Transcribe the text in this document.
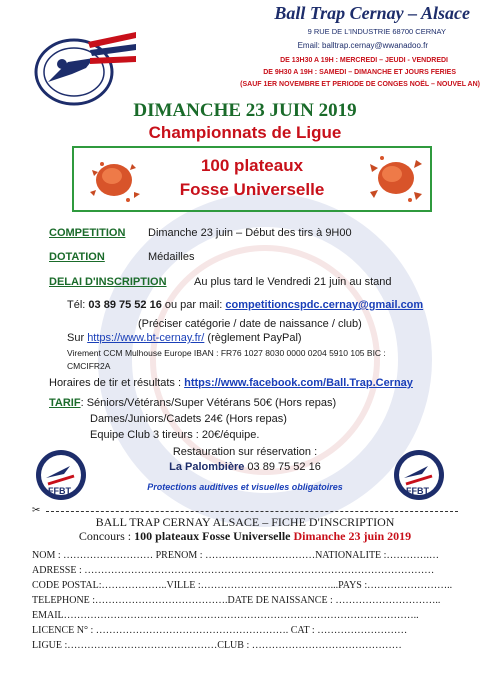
Ball Trap Cernay – Alsace
9 RUE DE L'INDUSTRIE 68700 CERNAY
Email: balltrap.cernay@wwanadoo.fr
DE 13H30 A 19H : MERCREDI – JEUDI - VENDREDI
DE 9H30 A 19H : SAMEDI – DIMANCHE ET JOURS FERIES
(SAUF 1ER NOVEMBRE ET PERIODE DE CONGES NOËL – NOUVEL AN)
DIMANCHE 23 JUIN 2019
Championnats de Ligue
100 plateaux
Fosse Universelle
COMPETITION Dimanche 23 juin – Début des tirs à 9H00
DOTATION	Médailles
DELAI D'INSCRIPTION Au plus tard le Vendredi 21 juin au stand
Tél: 03 89 75 52 16 ou par mail: competitioncspdc.cernay@gmail.com
(Préciser catégorie / date de naissance / club)
Sur https://www.bt-cernay.fr/ (règlement PayPal)
Virement CCM Mulhouse Europe IBAN : FR76 1027 8030 0000 0204 5910 105 BIC :
CMCIFR2A
Horaires de tir et résultats : https://www.facebook.com/Ball.Trap.Cernay
TARIF: Séniors/Vétérans/Super Vétérans 50€ (Hors repas)
Dames/Juniors/Cadets 24€ (Hors repas)
Equipe Club 3 tireurs : 20€/équipe.
Restauration sur réservation :
La Palombière 03 89 75 52 16
Protections auditives et visuelles obligatoires
FFBT	FFBT
✂
BALL TRAP CERNAY ALSACE – FICHE D'INSCRIPTION
Concours : 100 plateaux Fosse Universelle Dimanche 23 juin 2019
NOM : ……………………… PRENOM : ……………………………NATIONALITE :………….…
ADRESSE : ……………………………………………………………………………………………
CODE POSTAL:………………..VILLE :…………………………………...PAYS :……………………..
TELEPHONE :………………………………….DATE DE NAISSANCE : …………………………..
EMAIL……………………………………………………………………………………………..
LICENCE N° : …………………………………………………. CAT : ………………………
LIGUE :………………………………………CLUB : ………………………………………
